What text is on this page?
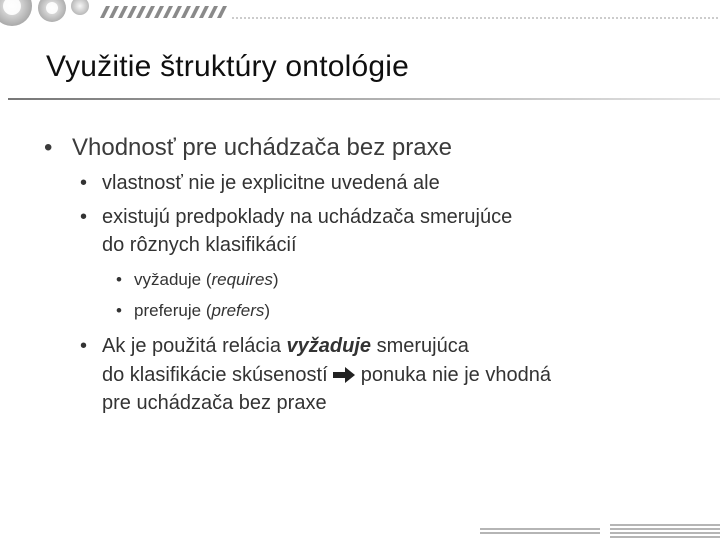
Využitie štruktúry ontológie
• Vhodnosť pre uchádzača bez praxe
• vlastnosť nie je explicitne uvedená ale
• existujú predpoklady na uchádzača smerujúce
do rôznych klasifikácií
• vyžaduje (requires)
• preferuje (prefers)
• Ak je použitá relácia vyžaduje smerujúca
do klasifikácie skúseností  ponuka nie je vhodná
pre uchádzača bez praxe
